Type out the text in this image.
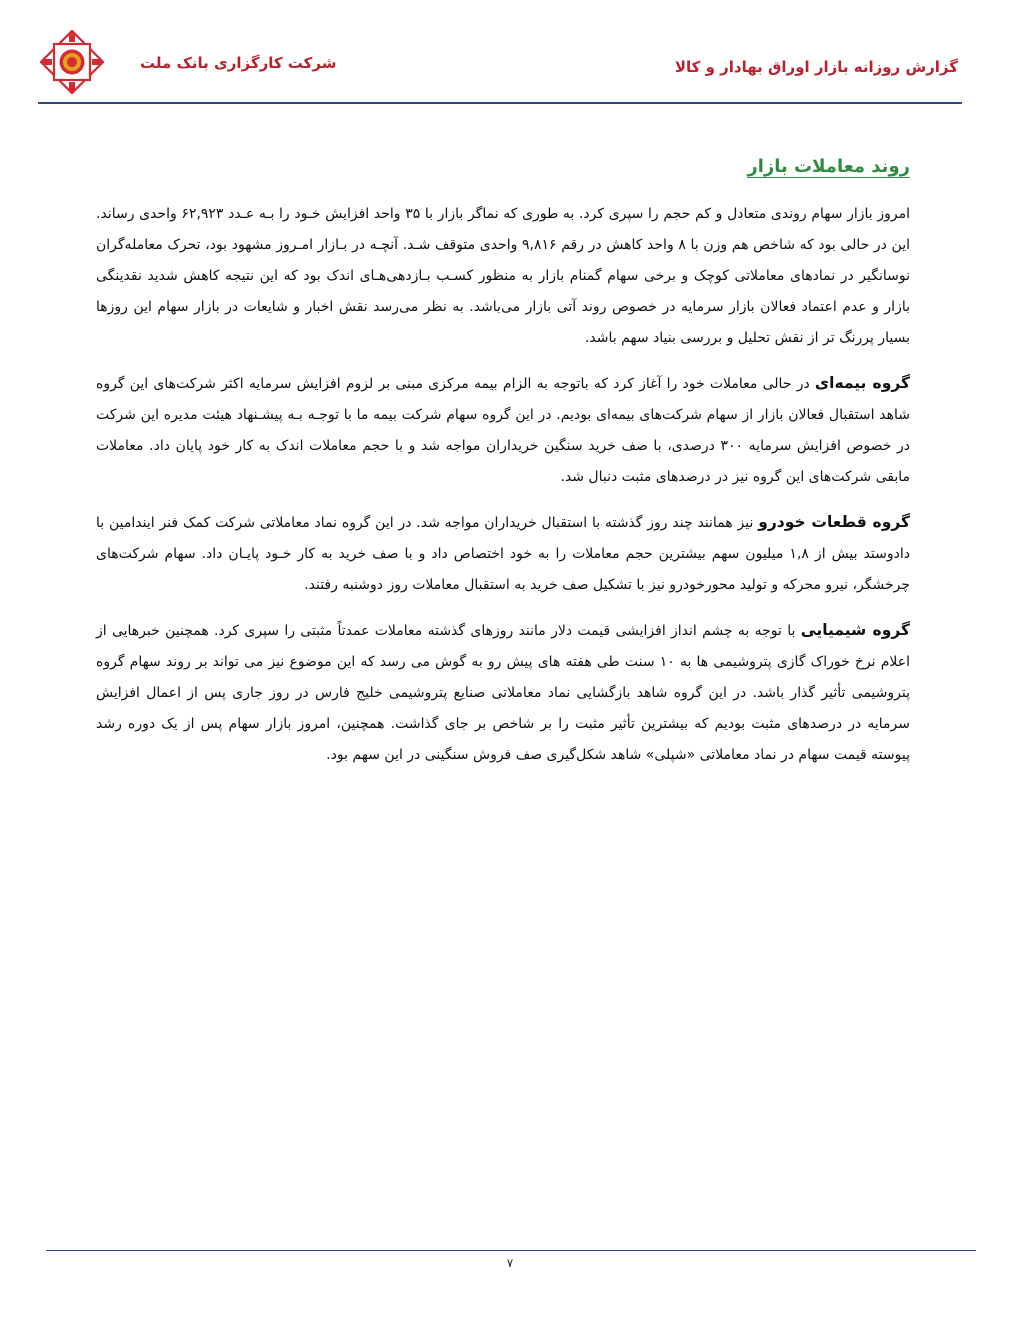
شرکت کارگزاری بانک ملت	گزارش روزانه بازار اوراق بهادار و کالا
روند معاملات بازار

امروز بازار سهام روندی متعادل و کم حجم را سپری کرد. به طوری که نماگر بازار با ۳۵ واحد افزایش خـود را بـه عـدد ۶۲,۹۲۳ واحدی رساند. این در حالی بود که شاخص هم وزن با ۸ واحد کاهش در رقم ۹,۸۱۶ واحدی متوقف شـد. آنچـه در بـازار امـروز مشهود بود، تحرک معامله‌گران نوسانگیر در نمادهای معاملاتی کوچک و برخی سهام گمنام بازار به منظور کسـب بـازدهی‌هـای اندک بود که این نتیجه کاهش شدید نقدینگی بازار و عدم اعتماد فعالان بازار سرمایه در خصوص روند آتی بازار می‌باشد. به نظر می‌رسد نقش اخبار و شایعات در بازار سهام این روزها بسیار پررنگ تر از نقش تحلیل و بررسی بنیاد سهم باشد.

گروه بیمه‌ای در حالی معاملات خود را آغاز کرد که باتوجه به الزام بیمه مرکزی مبنی بر لزوم افزایش سرمایه اکثر شرکت‌های این گروه شاهد استقبال فعالان بازار از سهام شرکت‌های بیمه‌ای بودیم. در این گروه سهام شرکت بیمه ما با توجـه بـه پیشـنهاد هیئت مدیره این شرکت در خصوص افزایش سرمایه ۳۰۰ درصدی، با صف خرید سنگین خریداران مواجه شد و با حجم معاملات اندک به کار خود پایان داد. معاملات مابقی شرکت‌های این گروه نیز در درصدهای مثبت دنبال شد.

گروه قطعات خودرو نیز همانند چند روز گذشته با استقبال خریداران مواجه شد. در این گروه نماد معاملاتی شرکت کمک فنر ایندامین با دادوستد بیش از ۱,۸ میلیون سهم بیشترین حجم معاملات را به خود اختصاص داد و با صف خرید به کار خـود پایـان داد. سهام شرکت‌های چرخشگر، نیرو محرکه و تولید محورخودرو نیز با تشکیل صف خرید به استقبال معاملات روز دوشنبه رفتند.

گروه شیمیایی با توجه به چشم انداز افزایشی قیمت دلار مانند روزهای گذشته معاملات عمدتاً مثبتی را سپری کرد. همچنین خبرهایی از اعلام نرخ خوراک گازی پتروشیمی ها به ۱۰ سنت طی هفته های پیش رو به گوش می رسد که این موضوع نیز می تواند بر روند سهام گروه پتروشیمی تأثیر گذار باشد. در این گروه شاهد بازگشایی نماد معاملاتی صنایع پتروشیمی خلیج فارس در روز جاری پس از اعمال افزایش سرمایه در درصدهای مثبت بودیم که بیشترین تأثیر مثبت را بر شاخص بر جای گذاشت. همچنین، امروز بازار سهام پس از یک دوره رشد پیوسته قیمت سهام در نماد معاملاتی «شپلی» شاهد شکل‌گیری صف فروش سنگینی در این سهم بود.

۷
